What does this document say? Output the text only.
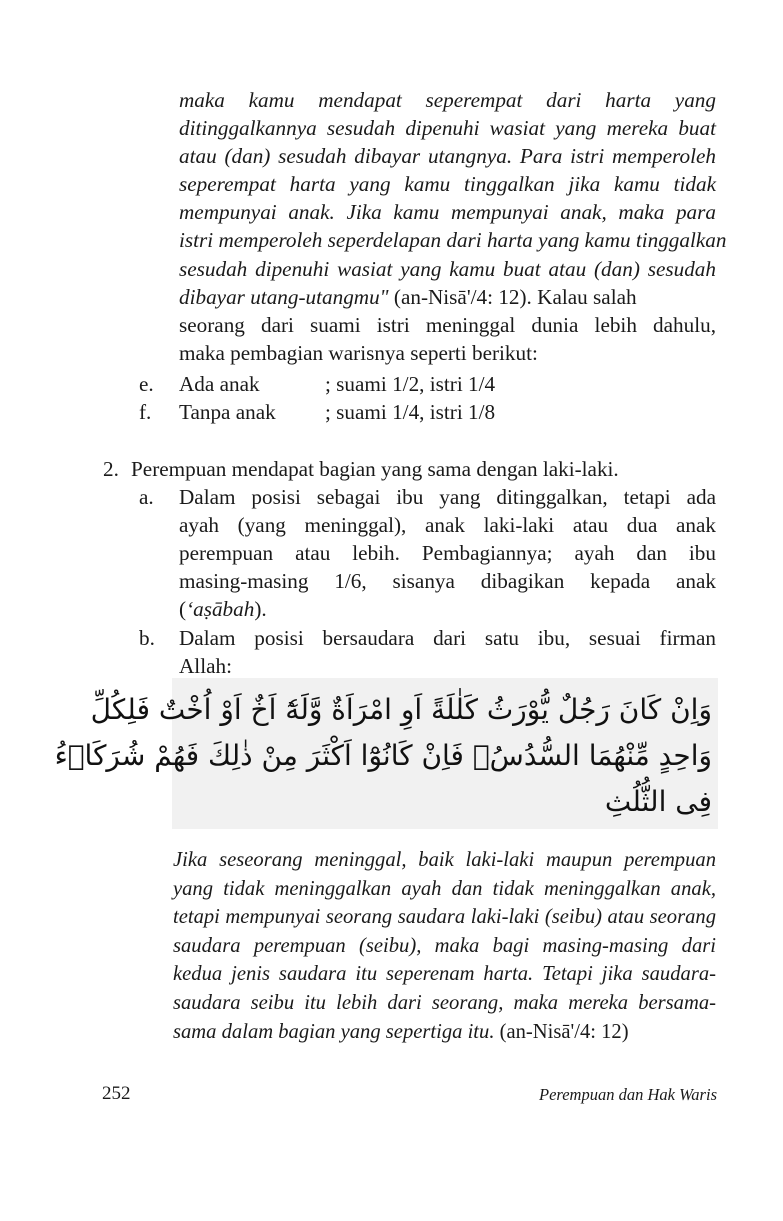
maka kamu mendapat seperempat dari harta yang
ditinggalkannya sesudah dipenuhi wasiat yang mereka buat
atau (dan) sesudah dibayar utangnya. Para istri memperoleh
seperempat harta yang kamu tinggalkan jika kamu tidak
mempunyai anak. Jika kamu mempunyai anak, maka para
istri memperoleh seperdelapan dari harta yang kamu tinggalkan
sesudah dipenuhi wasiat yang kamu buat atau (dan) sesudah
dibayar utang-utangmu" (an-Nisā'/4: 12). Kalau salah
seorang dari suami istri meninggal dunia lebih dahulu,
maka pembagian warisnya seperti berikut:
e. Ada anak	; suami 1/2, istri 1/4
f. Tanpa anak ; suami 1/4, istri 1/8
2. Perempuan mendapat bagian yang sama dengan laki-laki.
a. Dalam posisi sebagai ibu yang ditinggalkan, tetapi ada
ayah (yang meninggal), anak laki-laki atau dua anak
perempuan atau lebih. Pembagiannya; ayah dan ibu
masing-masing 1/6, sisanya dibagikan kepada anak
(‘aṣābah).
b. Dalam posisi bersaudara dari satu ibu, sesuai firman
Allah:
وَاِنْ كَانَ رَجُلٌ يُّوْرَثُ كَلٰلَةً اَوِ امْرَاَةٌ وَّلَهٗٓ اَخٌ اَوْ اُخْتٌ فَلِكُلِّ
وَاحِدٍ مِّنْهُمَا السُّدُسُۚ فَاِنْ كَانُوْٓا اَكْثَرَ مِنْ ذٰلِكَ فَهُمْ شُرَكَاۤءُ
فِى الثُّلُثِ
Jika seseorang meninggal, baik laki-laki maupun perempuan
yang tidak meninggalkan ayah dan tidak meninggalkan anak,
tetapi mempunyai seorang saudara laki-laki (seibu) atau seorang
saudara perempuan (seibu), maka bagi masing-masing dari
kedua jenis saudara itu seperenam harta. Tetapi jika saudara-
saudara seibu itu lebih dari seorang, maka mereka bersama-
sama dalam bagian yang sepertiga itu. (an-Nisā'/4: 12)
252	Perempuan dan Hak Waris
